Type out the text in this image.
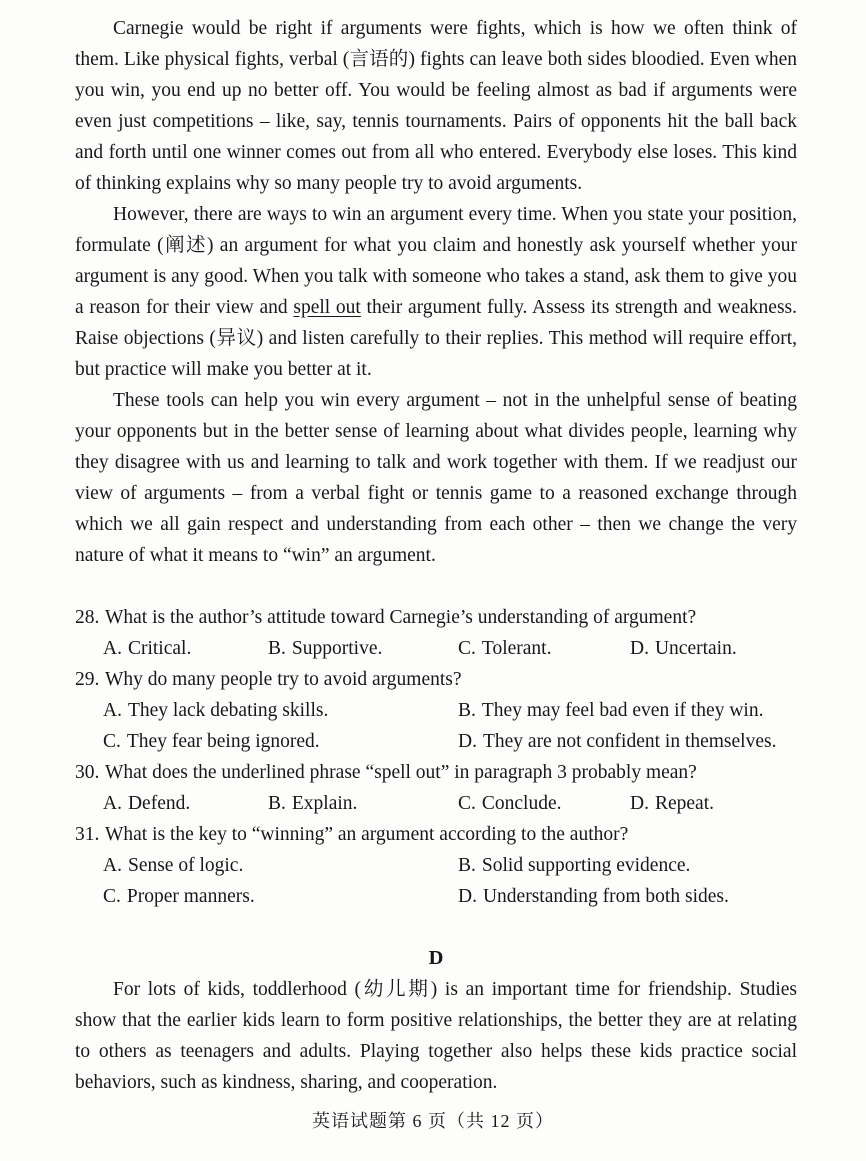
Carnegie would be right if arguments were fights, which is how we often think of them. Like physical fights, verbal (言语的) fights can leave both sides bloodied. Even when you win, you end up no better off. You would be feeling almost as bad if arguments were even just competitions – like, say, tennis tournaments. Pairs of opponents hit the ball back and forth until one winner comes out from all who entered. Everybody else loses. This kind of thinking explains why so many people try to avoid arguments.

However, there are ways to win an argument every time. When you state your position, formulate (阐述) an argument for what you claim and honestly ask yourself whether your argument is any good. When you talk with someone who takes a stand, ask them to give you a reason for their view and spell out their argument fully. Assess its strength and weakness. Raise objections (异议) and listen carefully to their replies. This method will require effort, but practice will make you better at it.

These tools can help you win every argument – not in the unhelpful sense of beating your opponents but in the better sense of learning about what divides people, learning why they disagree with us and learning to talk and work together with them. If we readjust our view of arguments – from a verbal fight or tennis game to a reasoned exchange through which we all gain respect and understanding from each other – then we change the very nature of what it means to “win” an argument.

28. What is the author’s attitude toward Carnegie’s understanding of argument?
A. Critical.	B. Supportive.	C. Tolerant.	D. Uncertain.
29. Why do many people try to avoid arguments?
A. They lack debating skills.	B. They may feel bad even if they win.
C. They fear being ignored.	D. They are not confident in themselves.
30. What does the underlined phrase “spell out” in paragraph 3 probably mean?
A. Defend.	B. Explain.	C. Conclude.	D. Repeat.
31. What is the key to “winning” an argument according to the author?
A. Sense of logic.	B. Solid supporting evidence.
C. Proper manners.	D. Understanding from both sides.
D

For lots of kids, toddlerhood (幼儿期) is an important time for friendship. Studies show that the earlier kids learn to form positive relationships, the better they are at relating to others as teenagers and adults. Playing together also helps these kids practice social behaviors, such as kindness, sharing, and cooperation.

英语试题第 6 页（共 12 页）
